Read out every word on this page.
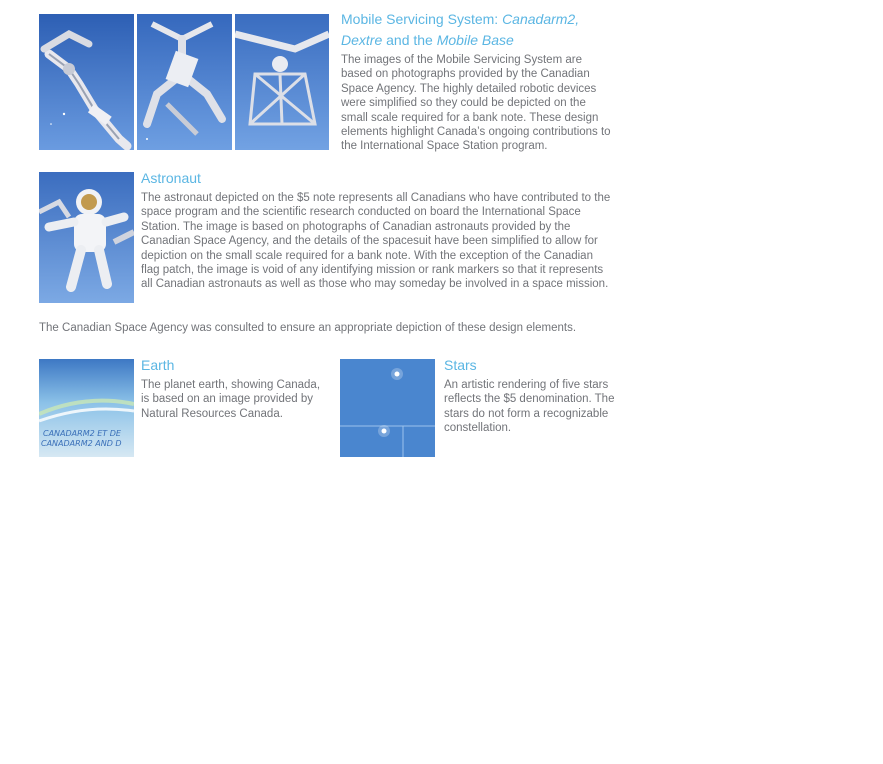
Mobile Servicing System: Canadarm2,
Dextre and the Mobile Base

The images of the Mobile Servicing System are based on photographs provided by the Canadian Space Agency. The highly detailed robotic devices were simplified so they could be depicted on the small scale required for a bank note. These design elements highlight Canada’s ongoing contributions to the International Space Station program.

Astronaut

The astronaut depicted on the $5 note represents all Canadians who have contributed to the space program and the scientific research conducted on board the International Space Station. The image is based on photographs of Canadian astronauts provided by the Canadian Space Agency, and the details of the spacesuit have been simplified to allow for depiction on the small scale required for a bank note. With the exception of the Canadian flag patch, the image is void of any identifying mission or rank markers so that it represents all Canadian astronauts as well as those who may someday be involved in a space mission.

The Canadian Space Agency was consulted to ensure an appropriate depiction of these design elements.

CANADARM2 ET DE
CANADARM2 AND D
Earth

The planet earth, showing Canada, is based on an image provided by Natural Resources Canada.

Stars

An artistic rendering of five stars reflects the $5 denomination. The stars do not form a recognizable constellation.
